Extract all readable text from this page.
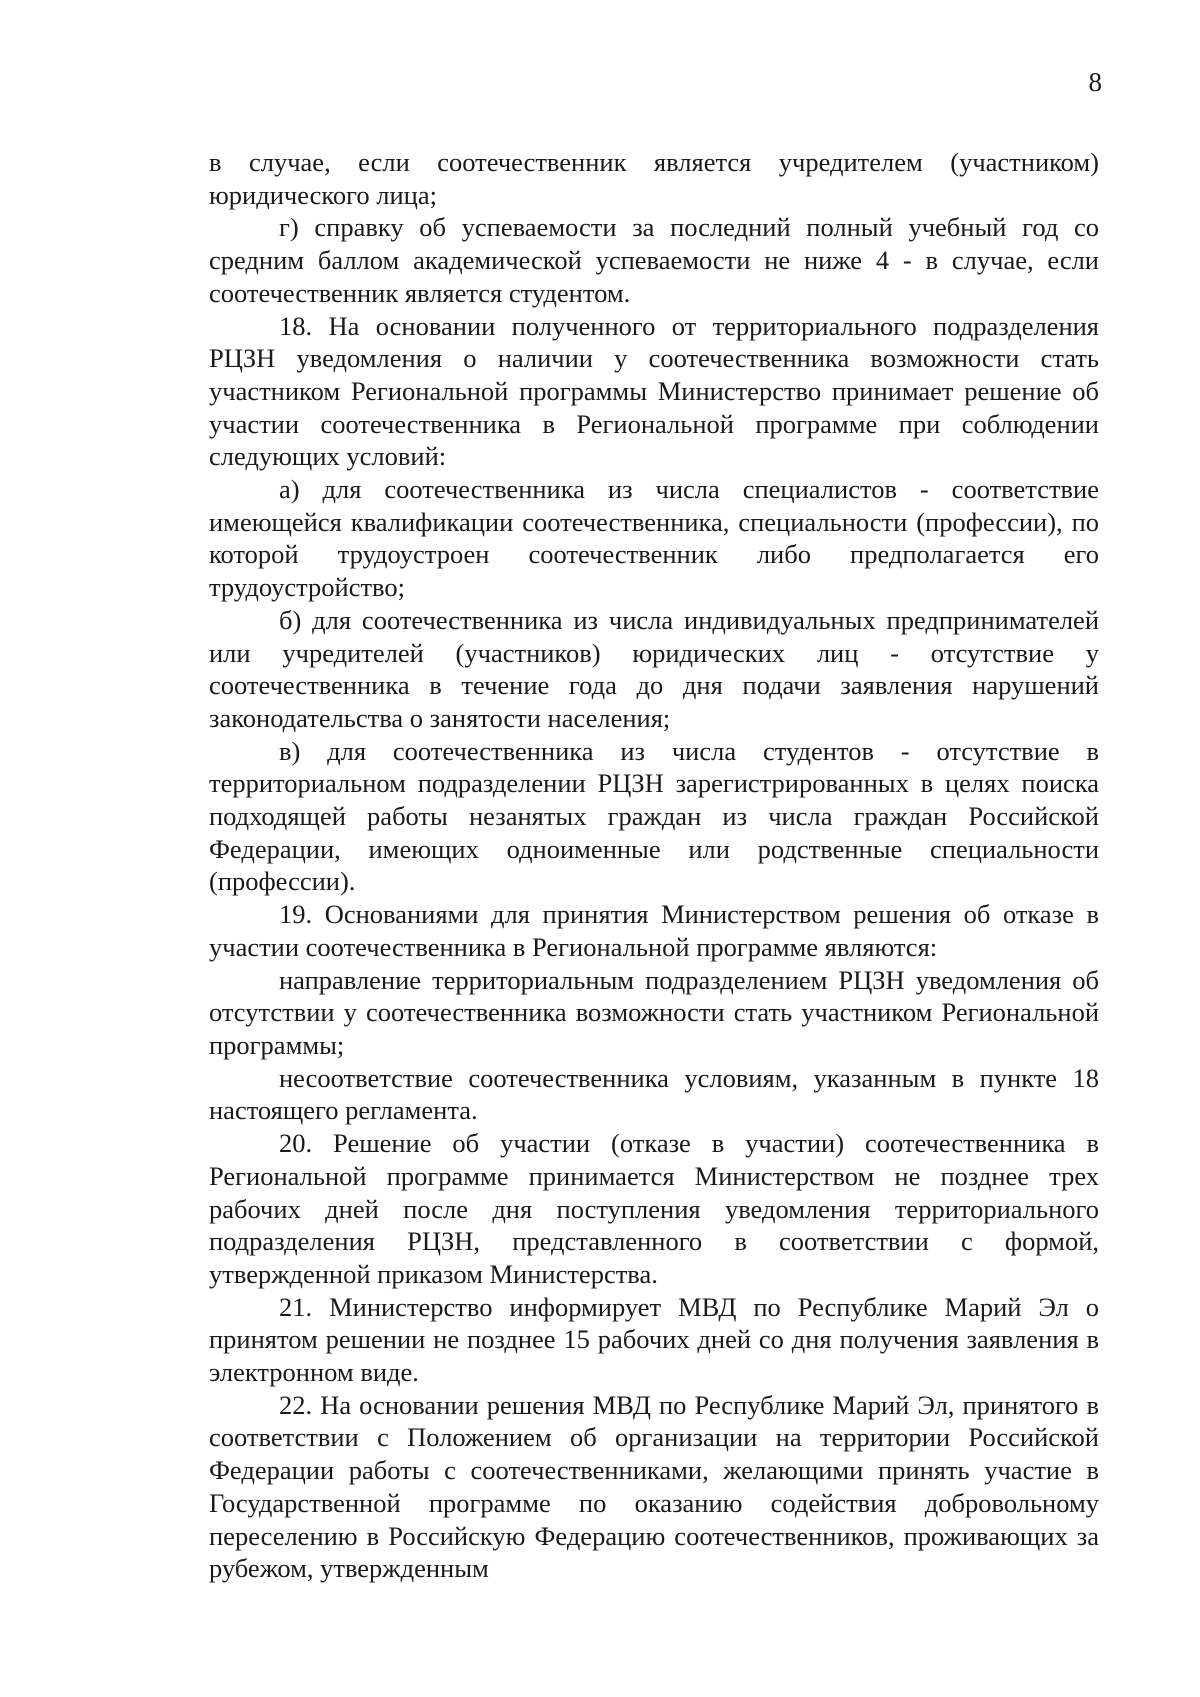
8

в случае, если соотечественник является учредителем (участником) юридического лица;

г) справку об успеваемости за последний полный учебный год со средним баллом академической успеваемости не ниже 4 - в случае, если соотечественник является студентом.

18. На основании полученного от территориального подразделения РЦЗН уведомления о наличии у соотечественника возможности стать участником Региональной программы Министерство принимает решение об участии соотечественника в Региональной программе при соблюдении следующих условий:

а) для соотечественника из числа специалистов - соответствие имеющейся квалификации соотечественника, специальности (профессии), по которой трудоустроен соотечественник либо предполагается его трудоустройство;

б) для соотечественника из числа индивидуальных предпринимателей или учредителей (участников) юридических лиц - отсутствие у соотечественника в течение года до дня подачи заявления нарушений законодательства о занятости населения;

в) для соотечественника из числа студентов - отсутствие в территориальном подразделении РЦЗН зарегистрированных в целях поиска подходящей работы незанятых граждан из числа граждан Российской Федерации, имеющих одноименные или родственные специальности (профессии).

19. Основаниями для принятия Министерством решения об отказе в участии соотечественника в Региональной программе являются:

направление территориальным подразделением РЦЗН уведомления об отсутствии у соотечественника возможности стать участником Региональной программы;

несоответствие соотечественника условиям, указанным в пункте 18 настоящего регламента.

20. Решение об участии (отказе в участии) соотечественника в Региональной программе принимается Министерством не позднее трех рабочих дней после дня поступления уведомления территориального подразделения РЦЗН, представленного в соответствии с формой, утвержденной приказом Министерства.

21. Министерство информирует МВД по Республике Марий Эл о принятом решении не позднее 15 рабочих дней со дня получения заявления в электронном виде.

22. На основании решения МВД по Республике Марий Эл, принятого в соответствии с Положением об организации на территории Российской Федерации работы с соотечественниками, желающими принять участие в Государственной программе по оказанию содействия добровольному переселению в Российскую Федерацию соотечественников, проживающих за рубежом, утвержденным
